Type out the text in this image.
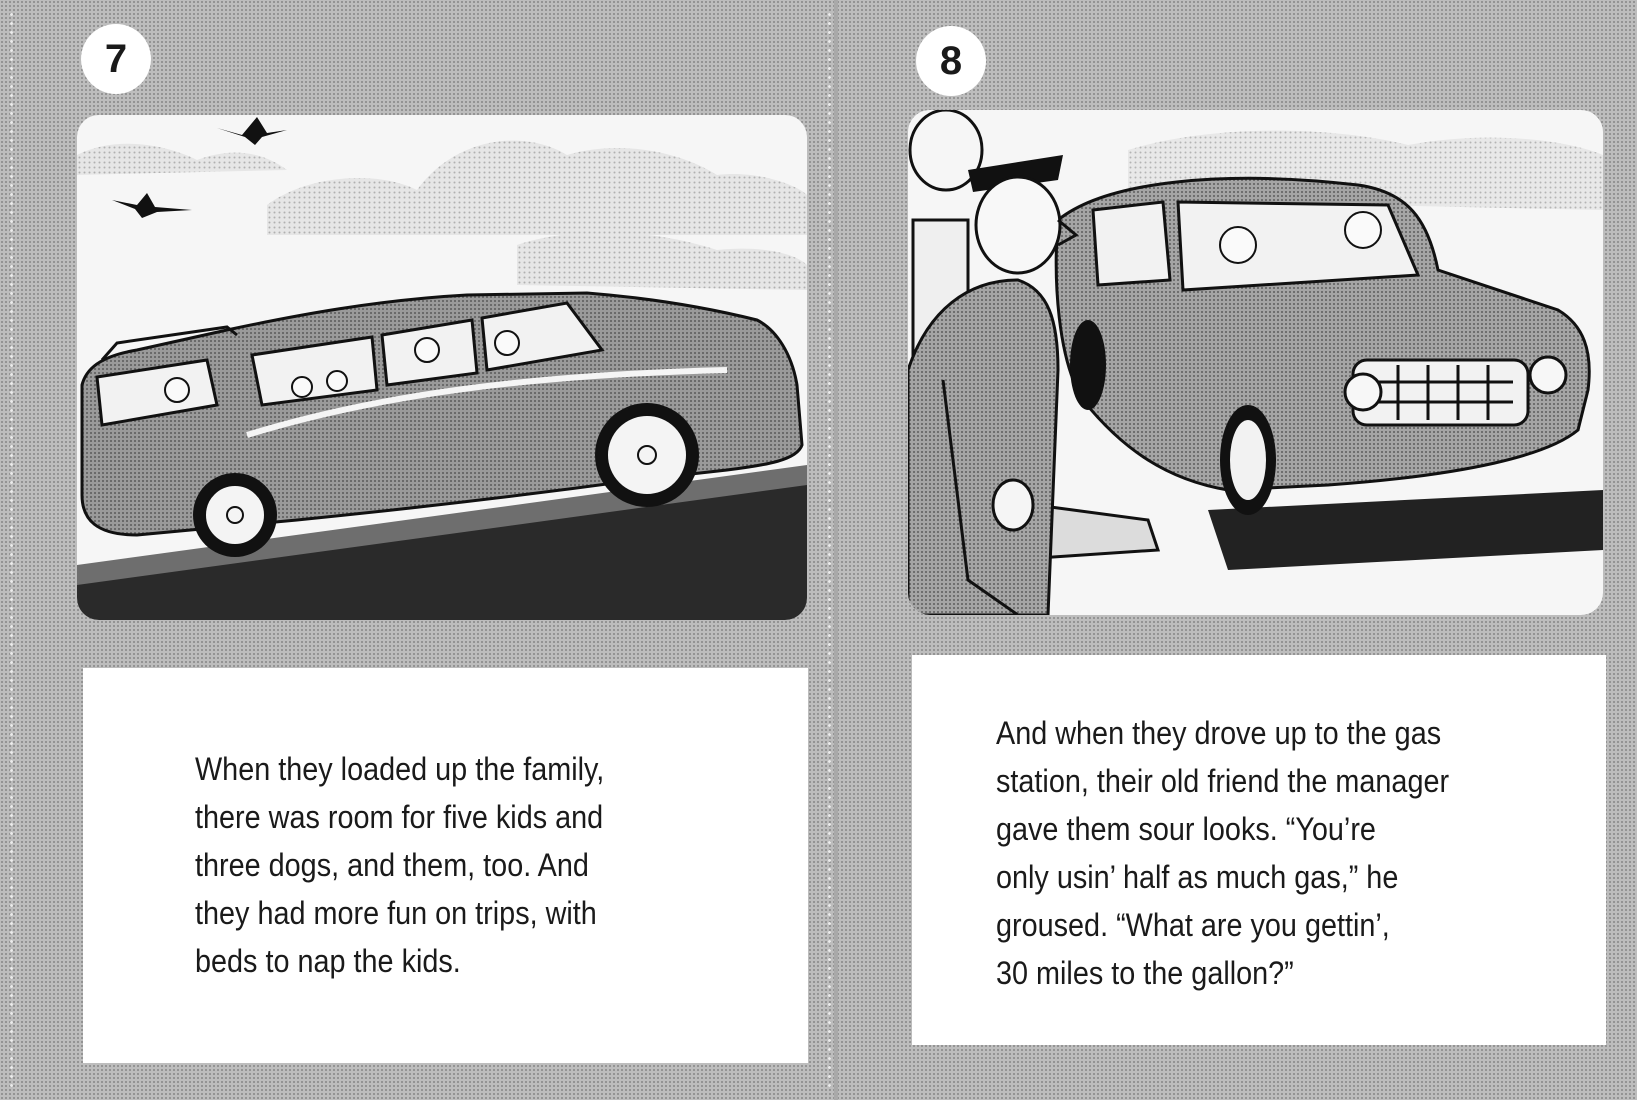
7

When they loaded up the family,
there was room for five kids and
three dogs, and them, too. And
they had more fun on trips, with
beds to nap the kids.

8

And when they drove up to the gas
station, their old friend the manager
gave them sour looks. “You’re
only usin’ half as much gas,” he
groused. “What are you gettin’,
30 miles to the gallon?”
